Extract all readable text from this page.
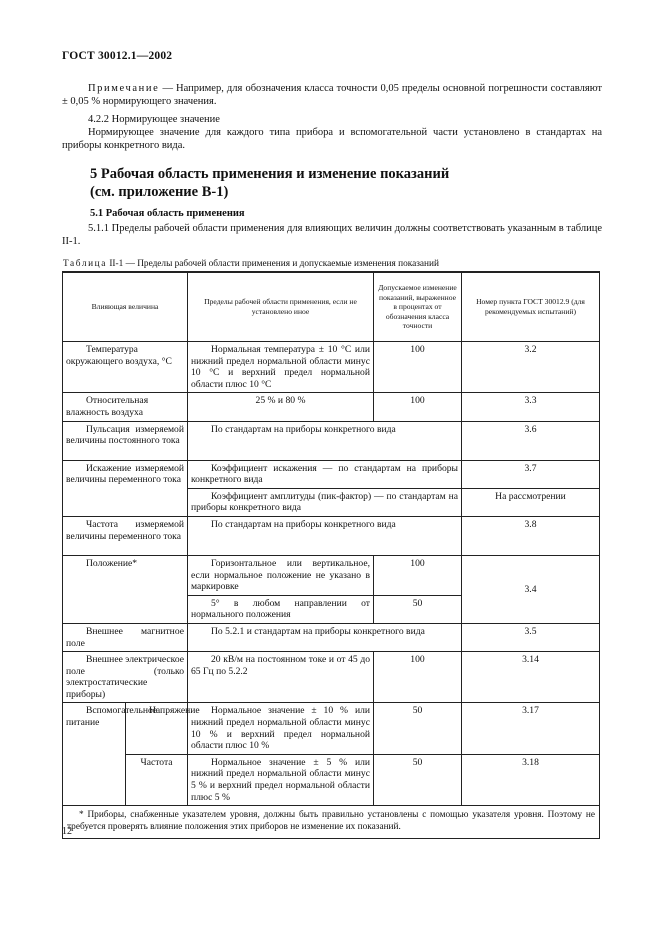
ГОСТ 30012.1—2002
Примечание — Например, для обозначения класса точности 0,05 пределы основной погрешности составляют ± 0,05 % нормирующего значения.
4.2.2 Нормирующее значение
Нормирующее значение для каждого типа прибора и вспомогательной части установлено в стандартах на приборы конкретного вида.
5 Рабочая область применения и изменение показаний
(см. приложение В-1)
5.1 Рабочая область применения
5.1.1 Пределы рабочей области применения для влияющих величин должны соответствовать указанным в таблице II-1.
Таблица II-1 — Пределы рабочей области применения и допускаемые изменения показаний
Влияющая величина		Пределы рабочей области применения, если не установлено иное	Допускаемое изменение показаний, выраженное в процентах от обозначения класса точности	Номер пункта ГОСТ 30012.9 (для рекомендуемых испытаний)
Температура окружающего воздуха, °С		Нормальная температура ± 10 °С или нижний предел нормальной области минус 10 °С и верхний предел нормальной области плюс 10 °С	100	3.2
Относительная влажность воздуха		25 % и 80 %	100	3.3
Пульсация измеряемой величины постоянного тока		По стандартам на приборы конкретного вида		3.6
Искажение измеряемой величины переменного тока		Коэффициент искажения — по стандартам на приборы конкретного вида		3.7
		Коэффициент амплитуды (пик-фактор) — по стандартам на приборы конкретного вида		На рассмотрении
Частота измеряемой величины переменного тока		По стандартам на приборы конкретного вида		3.8
Положение*		Горизонтальное или вертикальное, если нормальное положение не указано в маркировке	100	3.4
		5° в любом направлении от нормального положения	50	
Внешнее магнитное поле		По 5.2.1 и стандартам на приборы конкретного вида		3.5
Внешнее электрическое поле (только электростатические приборы)		20 кВ/м на постоянном токе и от 45 до 65 Гц по 5.2.2	100	3.14
Вспомогательное питание	Напряжение	Нормальное значение ± 10 % или нижний предел нормальной области минус 10 % и верхний предел нормальной области плюс 10 %	50	3.17
	Частота	Нормальное значение ± 5 % или нижний предел нормальной области минус 5 % и верхний предел нормальной области плюс 5 %	50	3.18
* Приборы, снабженные указателем уровня, должны быть правильно установлены с помощью указателя уровня. Поэтому не требуется проверять влияние положения этих приборов не изменение их показаний.				
12
